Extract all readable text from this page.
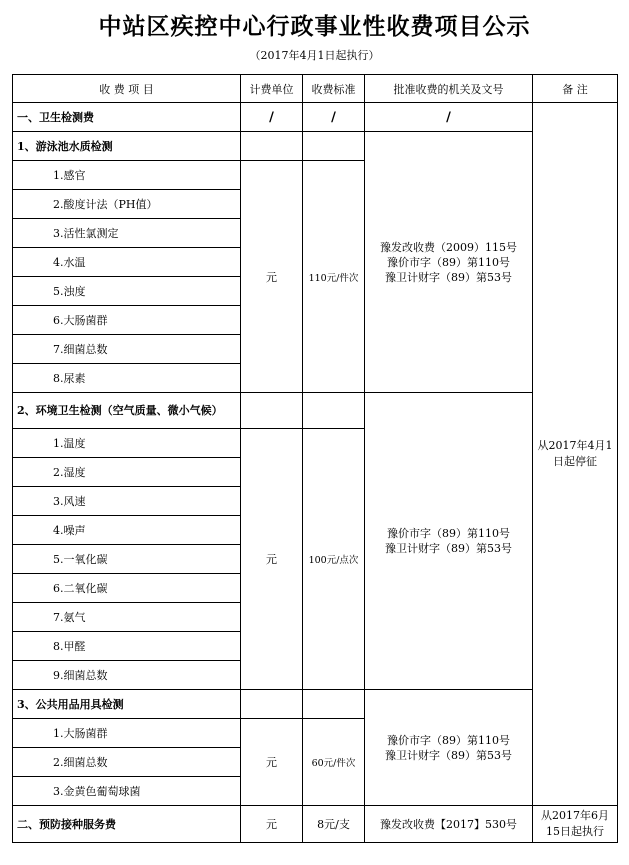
中站区疾控中心行政事业性收费项目公示
（2017年4月1日起执行）
收 费 项 目	计费单位	收费标准	批准收费的机关及文号	备 注
一、卫生检测费	/	/	/	从2017年4月1日起停征
1、游泳池水质检测			豫发改收费（2009）115号
豫价市字（89）第110号
豫卫计财字（89）第53号	

1.感官	元	110元/件次		
2.酸度计法（PH值）				
3.活性氯测定				
4.水温				
5.浊度				
6.大肠菌群				
7.细菌总数				
8.尿素				
2、环境卫生检测（空气质量、微小气候）			豫价市字（89）第110号
豫卫计财字（89）第53号	

1.温度	元	100元/点次		
2.湿度				
3.风速				
4.噪声				
5.一氧化碳				
6.二氧化碳				
7.氨气				
8.甲醛				
9.细菌总数				
3、公共用品用具检测			豫价市字（89）第110号
豫卫计财字（89）第53号	

1.大肠菌群	元	60元/件次		
2.细菌总数				
3.金黄色葡萄球菌				
二、预防接种服务费	元	8元/支	豫发改收费【2017】530号	从2017年6月15日起执行
